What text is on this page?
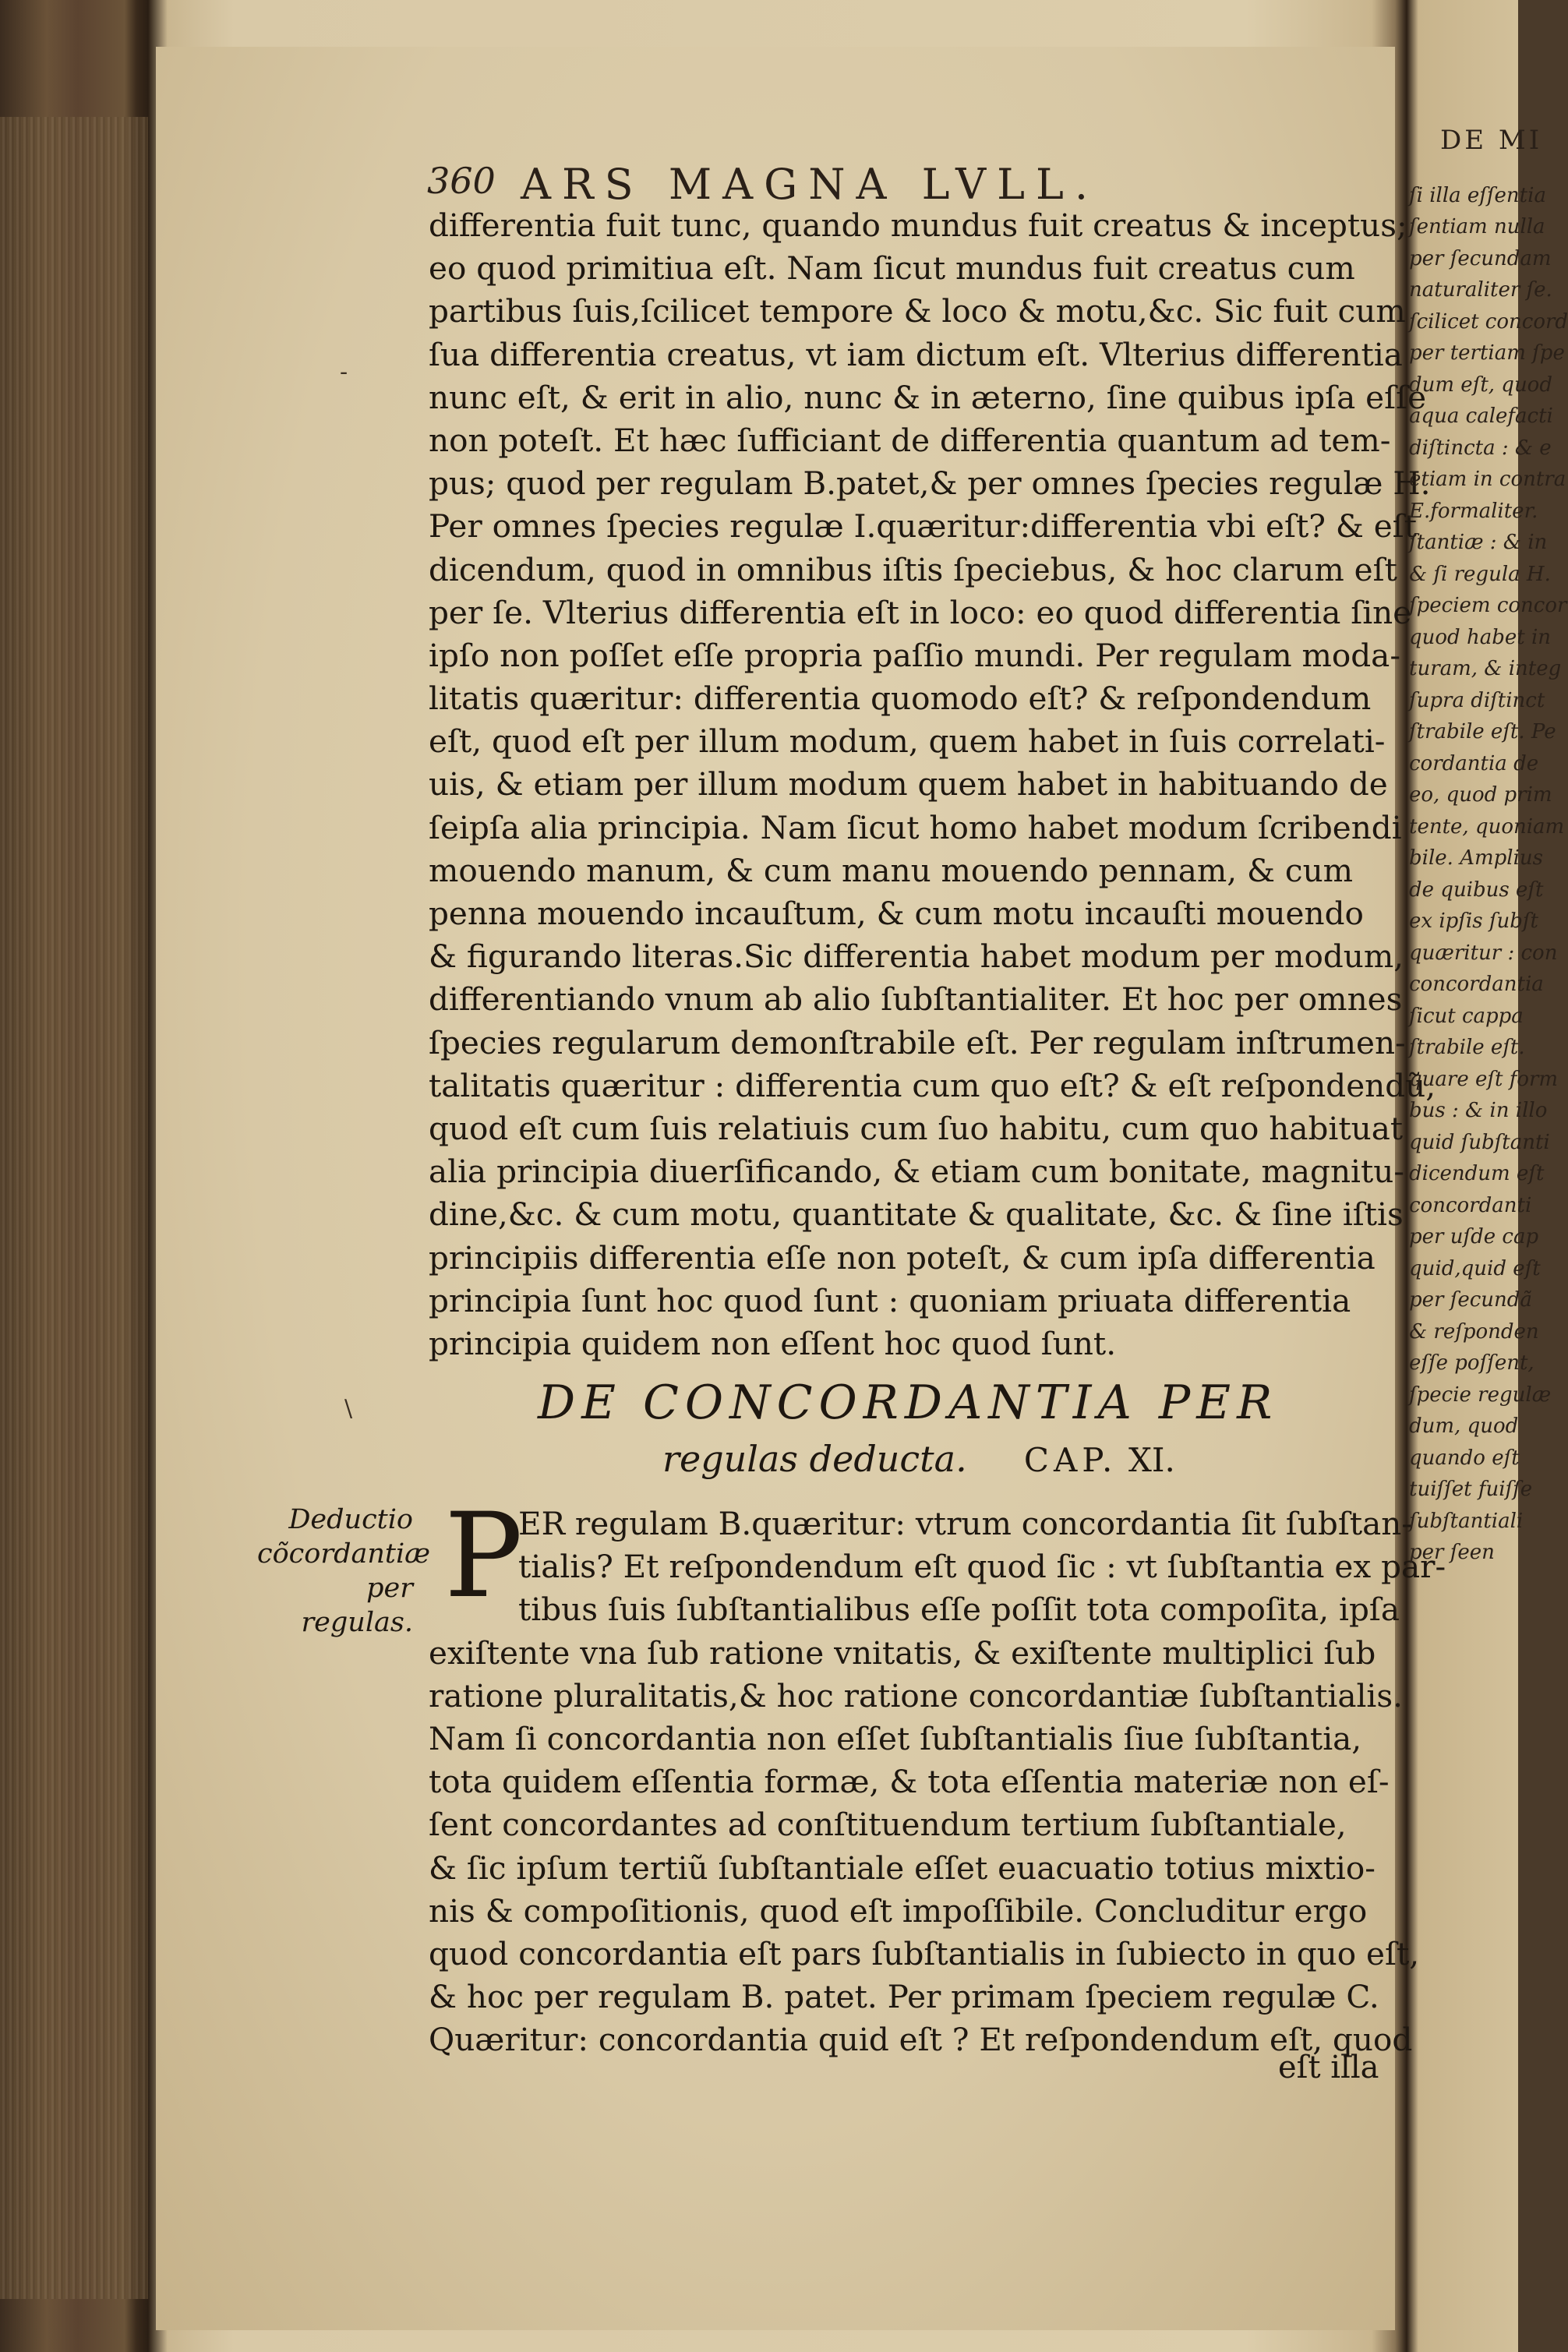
360 ARS MAGNA LVLL.
differentia fuit tunc, quando mundus fuit creatus & inceptus;
eo quod primitiua eſt. Nam ſicut mundus fuit creatus cum
partibus ſuis,ſcilicet tempore & loco & motu,&c. Sic fuit cum
ſua differentia creatus, vt iam dictum eſt. Vlterius differentia
nunc eſt, & erit in alio, nunc & in æterno, ſine quibus ipſa eſſe
non poteſt. Et hæc ſufficiant de differentia quantum ad tem-
pus; quod per regulam B.patet,& per omnes ſpecies regulæ H.
Per omnes ſpecies regulæ I.quæritur:differentia vbi eſt? & eſt
dicendum, quod in omnibus iſtis ſpeciebus, & hoc clarum eſt
per ſe. Vlterius differentia eſt in loco: eo quod differentia ſine
ipſo non poſſet eſſe propria paſſio mundi. Per regulam moda-
litatis quæritur: differentia quomodo eſt? & reſpondendum
eſt, quod eſt per illum modum, quem habet in ſuis correlati-
uis, & etiam per illum modum quem habet in habituando de
ſeipſa alia principia. Nam ſicut homo habet modum ſcribendi
mouendo manum, & cum manu mouendo pennam, & cum
penna mouendo incauſtum, & cum motu incauſti mouendo
& figurando literas.Sic differentia habet modum per modum,
differentiando vnum ab alio ſubſtantialiter. Et hoc per omnes
ſpecies regularum demonſtrabile eſt. Per regulam inſtrumen-
talitatis quæritur : differentia cum quo eſt? & eſt reſpondendũ,
quod eſt cum ſuis relatiuis cum ſuo habitu, cum quo habituat
alia principia diuerſificando, & etiam cum bonitate, magnitu-
dine,&c. & cum motu, quantitate & qualitate, &c. & ſine iſtis
principiis differentia eſſe non poteſt, & cum ipſa differentia
principia ſunt hoc quod ſunt : quoniam priuata differentia
principia quidem non eſſent hoc quod ſunt.
DE CONCORDANTIA PER
regulas deducta. CAP. XI.
Deductio
cõcordantiæ
per regulas. P
ER regulam B.quæritur: vtrum concordantia ſit ſubſtan-
tialis? Et reſpondendum eſt quod ſic : vt ſubſtantia ex par-
tibus ſuis ſubſtantialibus eſſe poſſit tota compoſita, ipſa
exiſtente vna ſub ratione vnitatis, & exiſtente multiplici ſub
ratione pluralitatis,& hoc ratione concordantiæ ſubſtantialis.
Nam ſi concordantia non eſſet ſubſtantialis ſiue ſubſtantia,
tota quidem eſſentia formæ, & tota eſſentia materiæ non eſ-
ſent concordantes ad conſtituendum tertium ſubſtantiale,
& ſic ipſum tertiũ ſubſtantiale eſſet euacuatio totius mixtio-
nis & compoſitionis, quod eſt impoſſibile. Concluditur ergo
quod concordantia eſt pars ſubſtantialis in ſubiecto in quo eſt,
& hoc per regulam B. patet. Per primam ſpeciem regulæ C.
Quæritur: concordantia quid eſt ? Et reſpondendum eſt, quod
eſt illa
-
\
DE MI
ſi illa eſſentia
ſentiam nulla
per ſecundam
naturaliter ſe.
ſcilicet concord
per tertiam ſpe
dum eſt, quod
aqua calefacti
diſtincta : & e
etiam in contra
E.formaliter.
ſtantiæ : & in
& ſi regula H.
ſpeciem concor
quod habet in
turam, & integ
ſupra diſtinct
ſtrabile eſt. Pe
cordantia de
eo, quod prim
tente, quoniam
bile. Amplius
de quibus eſt
ex ipſis ſubſt
quæritur : con
concordantia
ſicut cappa
ſtrabile eſt.
quare eſt form
bus : & in illo
quid ſubſtanti
dicendum eſt
concordanti
per uſde cap
quid,quid eſt
per ſecundã
& reſponden
eſſe poſſent,
ſpecie regulæ
dum, quod
quando eſt
tuiſſet fuiſſe
ſubſtantiali
per ſeen
